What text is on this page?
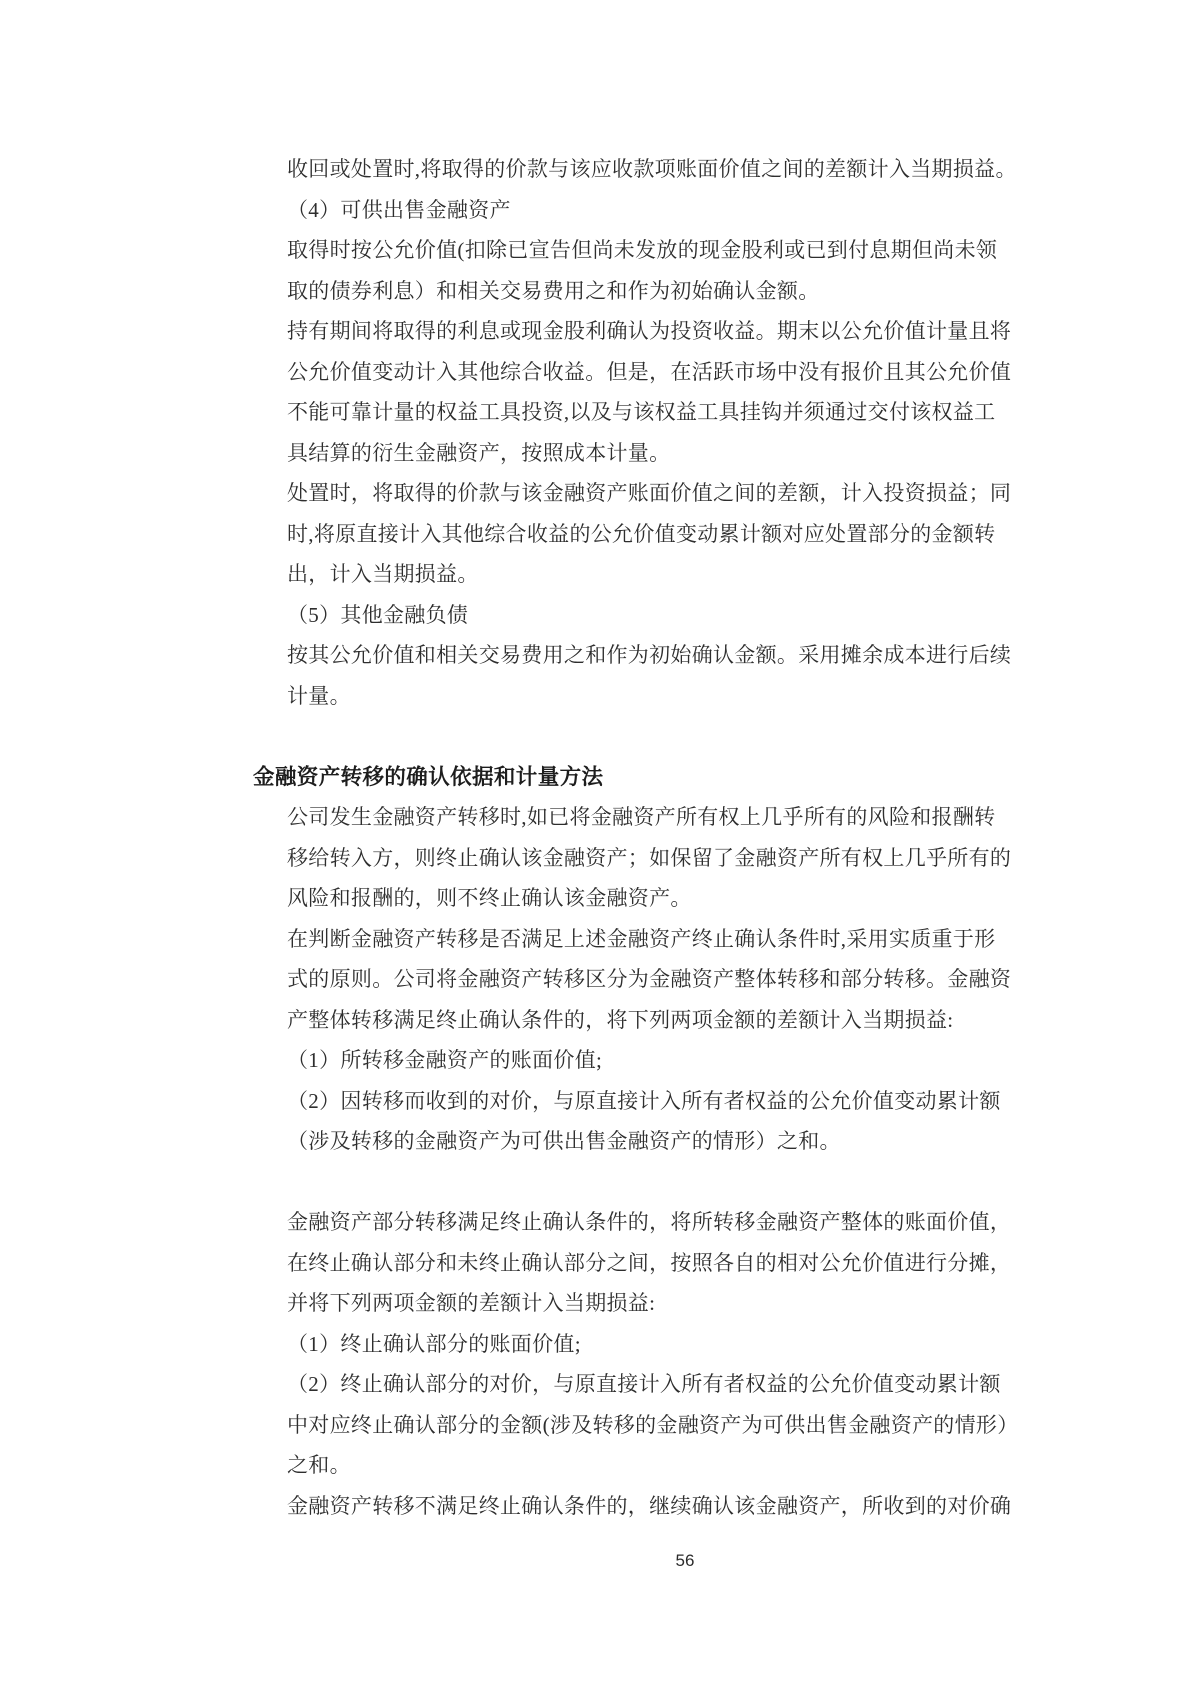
收回或处置时,将取得的价款与该应收款项账面价值之间的差额计入当期损益。
（4）可供出售金融资产
取得时按公允价值(扣除已宣告但尚未发放的现金股利或已到付息期但尚未领
取的债券利息）和相关交易费用之和作为初始确认金额。
持有期间将取得的利息或现金股利确认为投资收益。期末以公允价值计量且将
公允价值变动计入其他综合收益。但是，在活跃市场中没有报价且其公允价值
不能可靠计量的权益工具投资,以及与该权益工具挂钩并须通过交付该权益工
具结算的衍生金融资产，按照成本计量。
处置时，将取得的价款与该金融资产账面价值之间的差额，计入投资损益；同
时,将原直接计入其他综合收益的公允价值变动累计额对应处置部分的金额转
出，计入当期损益。
（5）其他金融负债
按其公允价值和相关交易费用之和作为初始确认金额。采用摊余成本进行后续
计量。
金融资产转移的确认依据和计量方法
公司发生金融资产转移时,如已将金融资产所有权上几乎所有的风险和报酬转
移给转入方，则终止确认该金融资产；如保留了金融资产所有权上几乎所有的
风险和报酬的，则不终止确认该金融资产。
在判断金融资产转移是否满足上述金融资产终止确认条件时,采用实质重于形
式的原则。公司将金融资产转移区分为金融资产整体转移和部分转移。金融资
产整体转移满足终止确认条件的，将下列两项金额的差额计入当期损益:
（1）所转移金融资产的账面价值;
（2）因转移而收到的对价，与原直接计入所有者权益的公允价值变动累计额
（涉及转移的金融资产为可供出售金融资产的情形）之和。
金融资产部分转移满足终止确认条件的，将所转移金融资产整体的账面价值，
在终止确认部分和未终止确认部分之间，按照各自的相对公允价值进行分摊，
并将下列两项金额的差额计入当期损益:
（1）终止确认部分的账面价值;
（2）终止确认部分的对价，与原直接计入所有者权益的公允价值变动累计额
中对应终止确认部分的金额(涉及转移的金融资产为可供出售金融资产的情形）
之和。
金融资产转移不满足终止确认条件的，继续确认该金融资产，所收到的对价确
56
